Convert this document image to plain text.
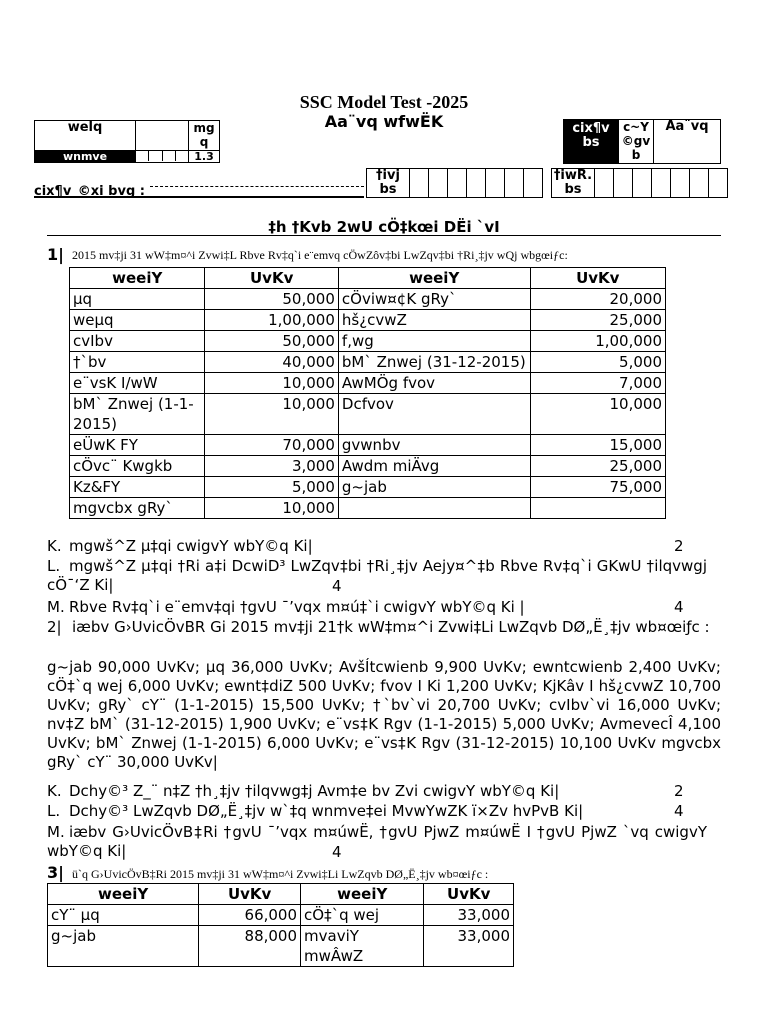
SSC Model Test -2025
Aa¨vq wfwËK
welq		mg q
wnmve		1.3
cix¶v bs	c~Y ©gv b	Aa¨vq
cix¶v_©xi bvg :
†ivj bs							
†iwR. bs							
‡h †Kvb 2wU cÖ‡kœi DËi `vI
1| 2015 mv‡ji 31 wW‡m¤^i Zvwi‡L Rbve Rv‡q`i e¨emvq cÖwZôv‡bi LwZqv‡bi †Ri¸‡jv wQj wbgœiƒc:
weeiY	UvKv	weeiY	UvKv
µq	50,000	cÖviw¤¢K gRy`	20,000
weµq	1,00,000	hš¿cvwZ	25,000
cvIbv	50,000	f‚wg	1,00,000
†`bv	40,000	bM` Znwej (31-12-2015)	5,000
e¨vsK I/wW	10,000	AwMÖg fvov	7,000
bM` Znwej (1-1-2015)	10,000	Dcfvov	10,000
eÜwK FY	70,000	gvwnbv	15,000
cÖvc¨ Kwgkb	3,000	Awdm miÄvg	25,000
Kz&FY	5,000	g~jab	75,000
mgvcbx gRy`	10,000		
K. mgwš^Z µ‡qi cwigvY wbY©q Ki|	2
L. mgwš^Z µ‡qi †Ri a‡i DcwiD³ LwZqv‡bi †Ri¸‡jv Aejy¤^‡b Rbve Rv‡q`i GKwU †ilqvwgj cÖ¯‘Z Ki|	4
M. Rbve Rv‡q`i e¨emv‡qi †gvU ¯’vqx m¤ú‡`i cwigvY wbY©q Ki |	4
2| iæbv G›UvicÖvBR Gi 2015 mv‡ji 21†k wW‡m¤^i Zvwi‡Li LwZqvb DØ„Ë¸‡jv wb¤œiƒc :
g~jab 90,000 UvKv; µq 36,000 UvKv; AvšÍtcwienb 9,900 UvKv; ewntcwienb 2,400 UvKv; cÖ‡`q wej 6,000 UvKv; ewnt‡diZ 500 UvKv; fvov I Ki 1,200 UvKv; KjKâv I hš¿cvwZ 10,700 UvKv; gRy` cY¨ (1-1-2015) 15,500 UvKv; †`bv`vi 20,700 UvKv; cvIbv`vi 16,000 UvKv; nv‡Z bM` (31-12-2015) 1,900 UvKv; e¨vs‡K Rgv (1-1-2015) 5,000 UvKv; AvmevecÎ 4,100 UvKv; bM` Znwej (1-1-2015) 6,000 UvKv; e¨vs‡K Rgv (31-12-2015) 10,100 UvKv mgvcbx gRy` cY¨ 30,000 UvKv|
K. Dchy©³ Z_¨ n‡Z †h¸‡jv †ilqvwg‡j Avm‡e bv Zvi cwigvY wbY©q Ki|	2
L. Dchy©³ LwZqvb DØ„Ë¸‡jv w`‡q wnmve‡ei MvwYwZK ï×Zv hvPvB Ki|	4
M. iæbv G›UvicÖvB‡Ri †gvU ¯’vqx m¤úwË, †gvU PjwZ m¤úwË I †gvU PjwZ `vq cwigvY wbY©q Ki|	4
3| ü`q G›UvicÖvB‡Ri 2015 mv‡ji 31 wW‡m¤^i Zvwi‡Li LwZqvb DØ„Ë¸‡jv wb¤œiƒc :
weeiY	UvKv	weeiY	UvKv
cY¨ µq	66,000	cÖ‡`q wej	33,000
g~jab	88,000	mvaviY mwÂwZ	33,000
